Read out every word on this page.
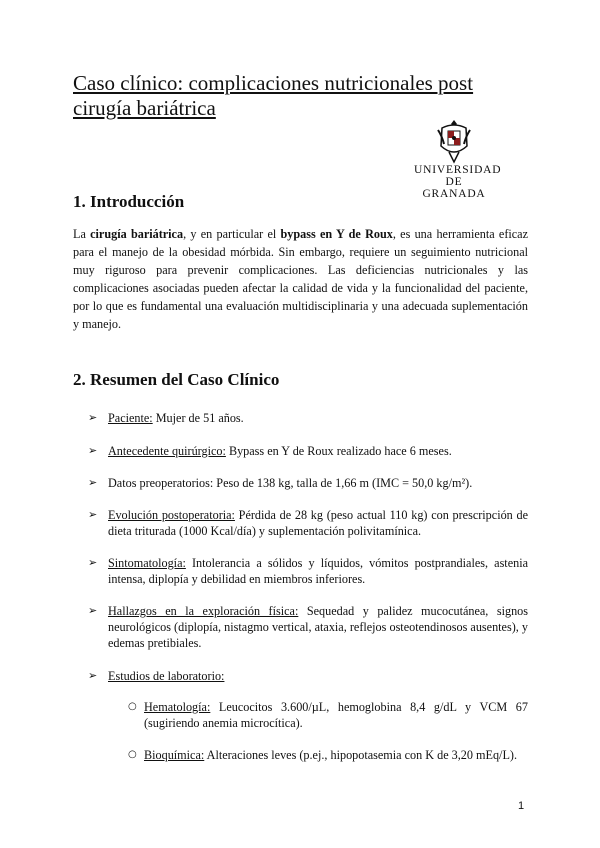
Caso clínico: complicaciones nutricionales post cirugía bariátrica
UNIVERSIDAD
DE GRANADA
1. Introducción

La cirugía bariátrica, y en particular el bypass en Y de Roux, es una herramienta eficaz para el manejo de la obesidad mórbida. Sin embargo, requiere un seguimiento nutricional muy riguroso para prevenir complicaciones. Las deficiencias nutricionales y las complicaciones asociadas pueden afectar la calidad de vida y la funcionalidad del paciente, por lo que es fundamental una evaluación multidisciplinaria y una adecuada suplementación y manejo.

2. Resumen del Caso Clínico
➢ Paciente: Mujer de 51 años.
➢ Antecedente quirúrgico: Bypass en Y de Roux realizado hace 6 meses.
➢ Datos preoperatorios: Peso de 138 kg, talla de 1,66 m (IMC = 50,0 kg/m²).
➢ Evolución postoperatoria: Pérdida de 28 kg (peso actual 110 kg) con prescripción de dieta triturada (1000 Kcal/día) y suplementación polivitamínica.
➢ Sintomatología: Intolerancia a sólidos y líquidos, vómitos postprandiales, astenia intensa, diplopía y debilidad en miembros inferiores.
➢ Hallazgos en la exploración física: Sequedad y palidez mucocutánea, signos neurológicos (diplopía, nistagmo vertical, ataxia, reflejos osteotendinosos ausentes), y edemas pretibiales.
➢ Estudios de laboratorio:
○ Hematología: Leucocitos 3.600/µL, hemoglobina 8,4 g/dL y VCM 67 (sugiriendo anemia microcítica).
○ Bioquímica: Alteraciones leves (p.ej., hipopotasemia con K de 3,20 mEq/L).
1
